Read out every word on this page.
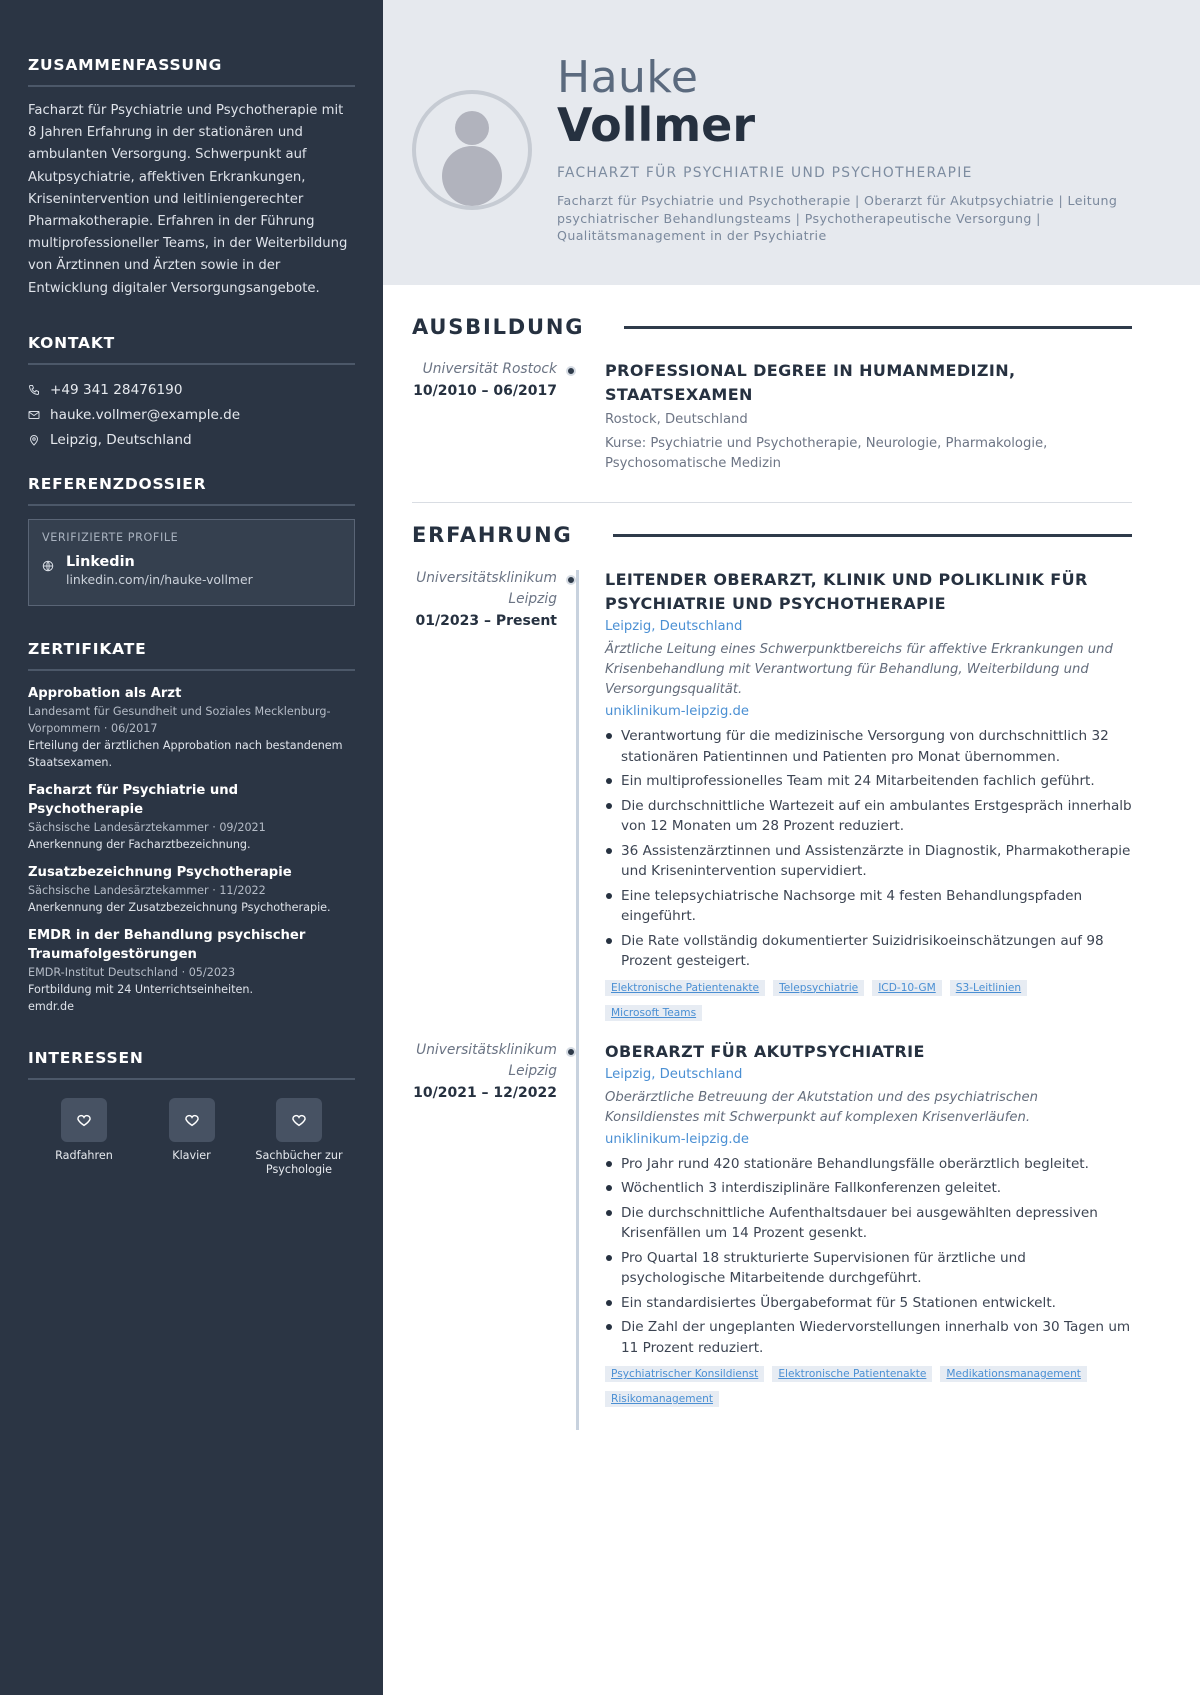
ZUSAMMENFASSUNG

Facharzt für Psychiatrie und Psychotherapie mit 8 Jahren Erfahrung in der stationären und ambulanten Versorgung. Schwerpunkt auf Akutpsychiatrie, affektiven Erkrankungen, Krisenintervention und leitliniengerechter Pharmakotherapie. Erfahren in der Führung multiprofessioneller Teams, in der Weiterbildung von Ärztinnen und Ärzten sowie in der Entwicklung digitaler Versorgungsangebote.

KONTAKT
+49 341 28476190
hauke.vollmer@example.de
Leipzig, Deutschland
REFERENZDOSSIER
VERIFIZIERTE PROFILE
Linkedin
linkedin.com/in/hauke-vollmer
ZERTIFIKATE
Approbation als Arzt
Landesamt für Gesundheit und Soziales Mecklenburg-Vorpommern · 06/2017
Erteilung der ärztlichen Approbation nach bestandenem Staatsexamen.
Facharzt für Psychiatrie und Psychotherapie
Sächsische Landesärztekammer · 09/2021
Anerkennung der Facharztbezeichnung.
Zusatzbezeichnung Psychotherapie
Sächsische Landesärztekammer · 11/2022
Anerkennung der Zusatzbezeichnung Psychotherapie.
EMDR in der Behandlung psychischer Traumafolgestörungen
EMDR-Institut Deutschland · 05/2023
Fortbildung mit 24 Unterrichtseinheiten.
emdr.de
INTERESSEN
Radfahren	Klavier	Sachbücher zur Psychologie
Hauke
Vollmer
FACHARZT FÜR PSYCHIATRIE UND PSYCHOTHERAPIE
Facharzt für Psychiatrie und Psychotherapie | Oberarzt für Akutpsychiatrie | Leitung psychiatrischer Behandlungsteams | Psychotherapeutische Versorgung | Qualitätsmanagement in der Psychiatrie
AUSBILDUNG
Universität Rostock
10/2010 – 06/2017
PROFESSIONAL DEGREE IN HUMANMEDIZIN, STAATSEXAMEN
Rostock, Deutschland
Kurse: Psychiatrie und Psychotherapie, Neurologie, Pharmakologie, Psychosomatische Medizin
ERFAHRUNG
Universitätsklinikum Leipzig
01/2023 – Present
LEITENDER OBERARZT, KLINIK UND POLIKLINIK FÜR PSYCHIATRIE UND PSYCHOTHERAPIE
Leipzig, Deutschland
Ärztliche Leitung eines Schwerpunktbereichs für affektive Erkrankungen und Krisenbehandlung mit Verantwortung für Behandlung, Weiterbildung und Versorgungsqualität.
uniklinikum-leipzig.de
Verantwortung für die medizinische Versorgung von durchschnittlich 32 stationären Patientinnen und Patienten pro Monat übernommen.
Ein multiprofessionelles Team mit 24 Mitarbeitenden fachlich geführt.
Die durchschnittliche Wartezeit auf ein ambulantes Erstgespräch innerhalb von 12 Monaten um 28 Prozent reduziert.
36 Assistenzärztinnen und Assistenzärzte in Diagnostik, Pharmakotherapie und Krisenintervention supervidiert.
Eine telepsychiatrische Nachsorge mit 4 festen Behandlungspfaden eingeführt.
Die Rate vollständig dokumentierter Suizidrisikoeinschätzungen auf 98 Prozent gesteigert.
Elektronische Patientenakte	Telepsychiatrie	ICD-10-GM	S3-Leitlinien
Microsoft Teams
Universitätsklinikum Leipzig
10/2021 – 12/2022
OBERARZT FÜR AKUTPSYCHIATRIE
Leipzig, Deutschland
Oberärztliche Betreuung der Akutstation und des psychiatrischen Konsildienstes mit Schwerpunkt auf komplexen Krisenverläufen.
uniklinikum-leipzig.de
Pro Jahr rund 420 stationäre Behandlungsfälle oberärztlich begleitet.
Wöchentlich 3 interdisziplinäre Fallkonferenzen geleitet.
Die durchschnittliche Aufenthaltsdauer bei ausgewählten depressiven Krisenfällen um 14 Prozent gesenkt.
Pro Quartal 18 strukturierte Supervisionen für ärztliche und psychologische Mitarbeitende durchgeführt.
Ein standardisiertes Übergabeformat für 5 Stationen entwickelt.
Die Zahl der ungeplanten Wiedervorstellungen innerhalb von 30 Tagen um 11 Prozent reduziert.
Psychiatrischer Konsildienst	Elektronische Patientenakte	Medikationsmanagement
Risikomanagement
